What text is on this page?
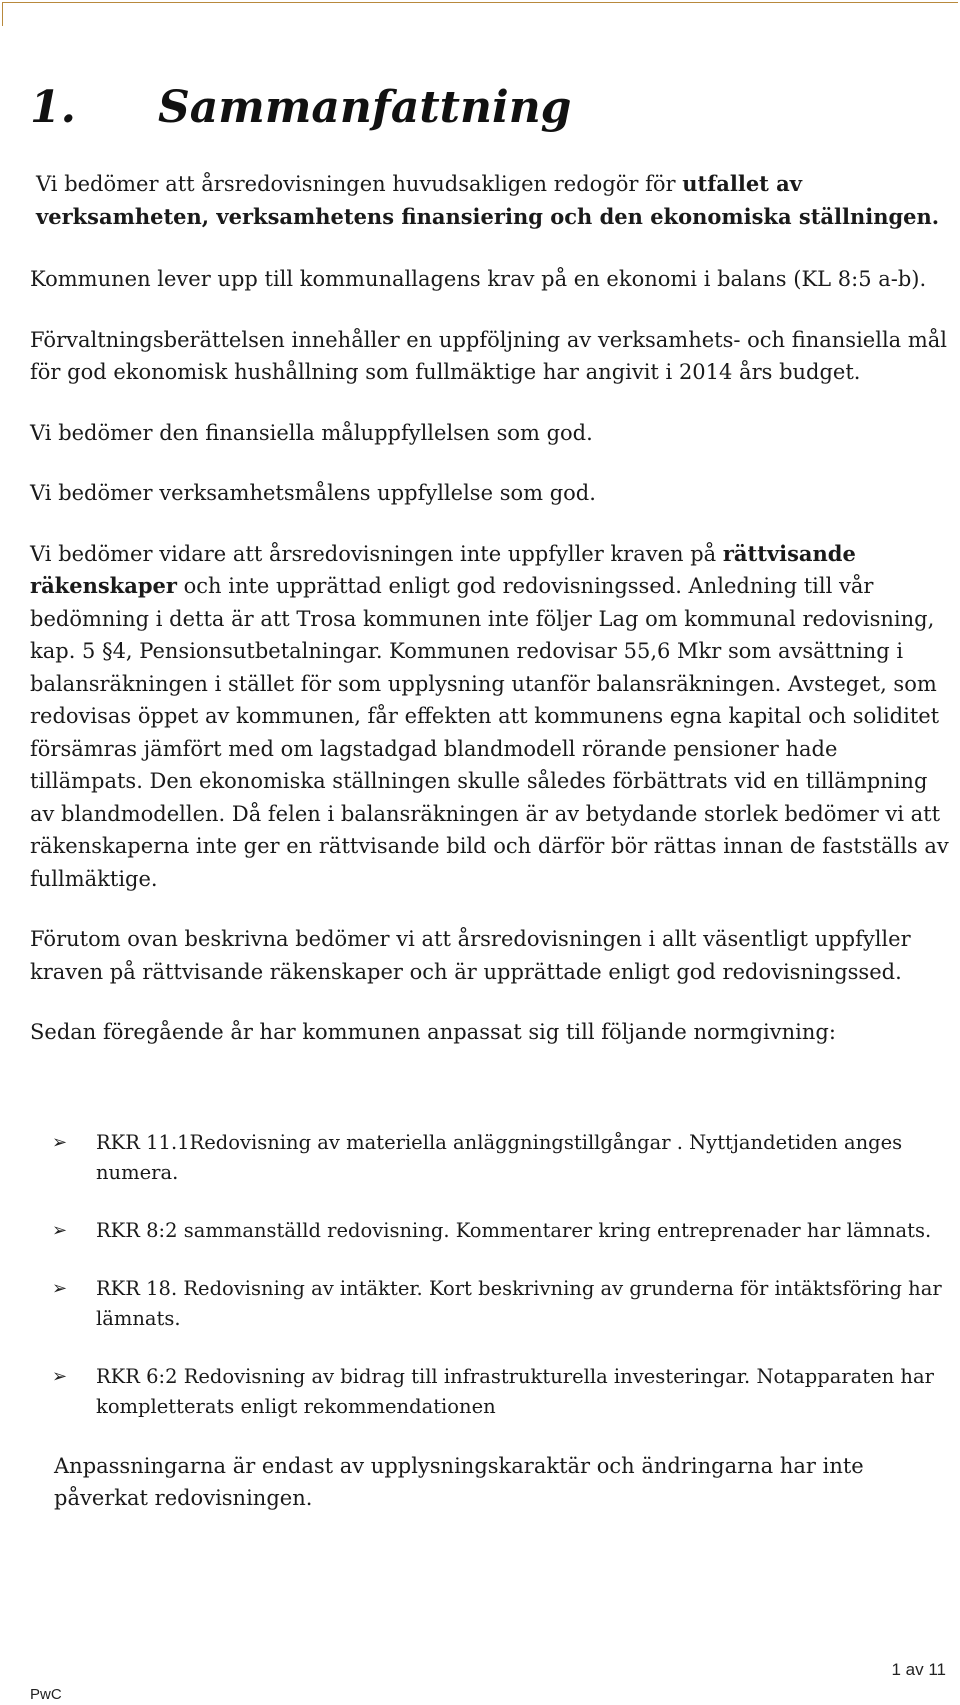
1.	Sammanfattning

Vi bedömer att årsredovisningen huvudsakligen redogör för utfallet av verksamheten, verksamhetens finansiering och den ekonomiska ställningen.

Kommunen lever upp till kommunallagens krav på en ekonomi i balans (KL 8:5 a-b).

Förvaltningsberättelsen innehåller en uppföljning av verksamhets- och finansiella mål för god ekonomisk hushållning som fullmäktige har angivit i 2014 års budget.

Vi bedömer den finansiella måluppfyllelsen som god.

Vi bedömer verksamhetsmålens uppfyllelse som god.

Vi bedömer vidare att årsredovisningen inte uppfyller kraven på rättvisande räkenskaper och inte upprättad enligt god redovisningssed. Anledning till vår bedömning i detta är att Trosa kommunen inte följer Lag om kommunal redovisning, kap. 5 §4, Pensionsutbetalningar. Kommunen redovisar 55,6 Mkr som avsättning i balansräkningen i stället för som upplysning utanför balansräkningen. Avsteget, som redovisas öppet av kommunen, får effekten att kommunens egna kapital och soliditet försämras jämfört med om lagstadgad blandmodell rörande pensioner hade tillämpats. Den ekonomiska ställningen skulle således förbättrats vid en tillämpning av blandmodellen. Då felen i balansräkningen är av betydande storlek bedömer vi att räkenskaperna inte ger en rättvisande bild och därför bör rättas innan de fastställs av fullmäktige.

Förutom ovan beskrivna bedömer vi att årsredovisningen i allt väsentligt uppfyller kraven på rättvisande räkenskaper och är upprättade enligt god redovisningssed.

Sedan föregående år har kommunen anpassat sig till följande normgivning:

➢	RKR 11.1Redovisning av materiella anläggningstillgångar . Nyttjandetiden anges numera.
➢	RKR 8:2 sammanställd redovisning. Kommentarer kring entreprenader har lämnats.
➢	RKR 18. Redovisning av intäkter. Kort beskrivning av grunderna för intäktsföring har lämnats.
➢	RKR 6:2 Redovisning av bidrag till infrastrukturella investeringar. Notapparaten har kompletterats enligt rekommendationen

Anpassningarna är endast av upplysningskaraktär och ändringarna har inte påverkat redovisningen.

1 av 11
PwC
